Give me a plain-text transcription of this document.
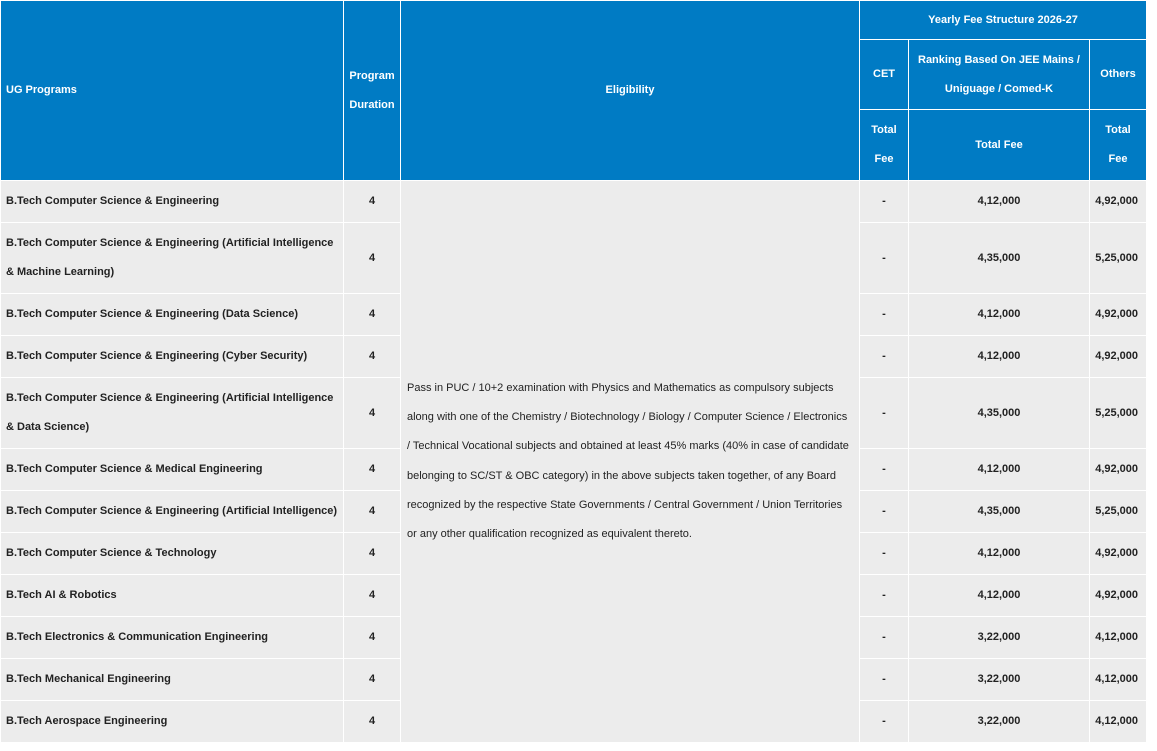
UG Programs	Program Duration	Eligibility	Yearly Fee Structure 2026-27		
			CET	Ranking Based On JEE Mains / Uniguage / Comed-K	Others
			Total Fee	Total Fee	Total Fee
B.Tech Computer Science & Engineering	4	Pass in PUC / 10+2 examination with Physics and Mathematics as compulsory subjects along with one of the Chemistry / Biotechnology / Biology / Computer Science / Electronics / Technical Vocational subjects and obtained at least 45% marks (40% in case of candidate belonging to SC/ST & OBC category) in the above subjects taken together, of any Board recognized by the respective State Governments / Central Government / Union Territories or any other qualification recognized as equivalent thereto.	-	4,12,000	4,92,000
B.Tech Computer Science & Engineering (Artificial Intelligence & Machine Learning)	4		-	4,35,000	5,25,000
B.Tech Computer Science & Engineering (Data Science)	4		-	4,12,000	4,92,000
B.Tech Computer Science & Engineering (Cyber Security)	4		-	4,12,000	4,92,000
B.Tech Computer Science & Engineering (Artificial Intelligence & Data Science)	4		-	4,35,000	5,25,000
B.Tech Computer Science & Medical Engineering	4		-	4,12,000	4,92,000
B.Tech Computer Science & Engineering (Artificial Intelligence)	4		-	4,35,000	5,25,000
B.Tech Computer Science & Technology	4		-	4,12,000	4,92,000
B.Tech AI & Robotics	4		-	4,12,000	4,92,000
B.Tech Electronics & Communication Engineering	4		-	3,22,000	4,12,000
B.Tech Mechanical Engineering	4		-	3,22,000	4,12,000
B.Tech Aerospace Engineering	4		-	3,22,000	4,12,000
